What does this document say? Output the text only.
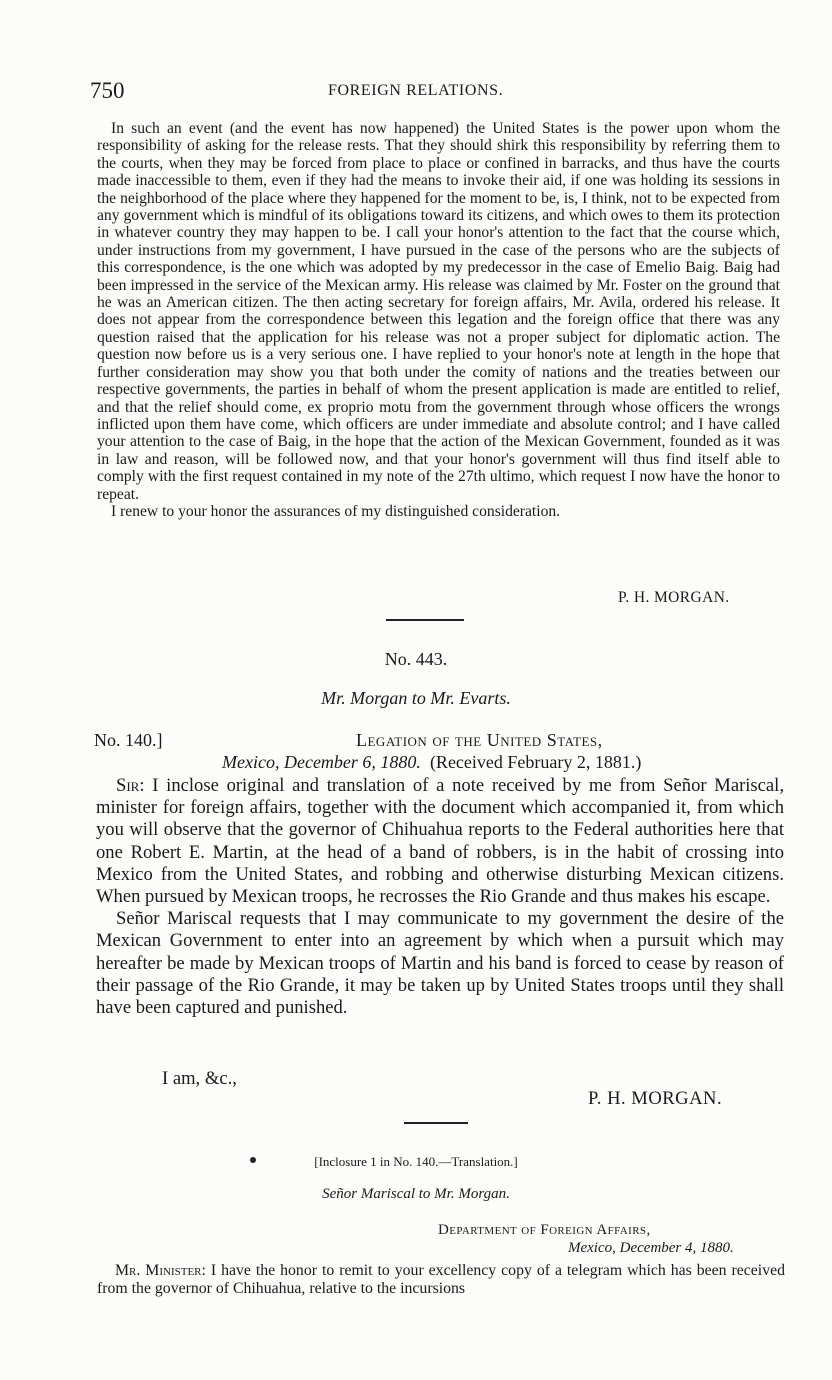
750	FOREIGN RELATIONS.

In such an event (and the event has now happened) the United States is the power upon whom the responsibility of asking for the release rests. That they should shirk this responsibility by referring them to the courts, when they may be forced from place to place or confined in barracks, and thus have the courts made inaccessible to them, even if they had the means to invoke their aid, if one was holding its sessions in the neighborhood of the place where they happened for the moment to be, is, I think, not to be expected from any government which is mindful of its obligations toward its citizens, and which owes to them its protection in whatever country they may happen to be. I call your honor's attention to the fact that the course which, under instructions from my government, I have pursued in the case of the persons who are the subjects of this correspondence, is the one which was adopted by my predecessor in the case of Emelio Baig. Baig had been impressed in the service of the Mexican army. His release was claimed by Mr. Foster on the ground that he was an American citizen. The then acting secretary for foreign affairs, Mr. Avila, ordered his release. It does not appear from the correspondence between this legation and the foreign office that there was any question raised that the application for his release was not a proper subject for diplomatic action. The question now before us is a very serious one. I have replied to your honor's note at length in the hope that further consideration may show you that both under the comity of nations and the treaties between our respective governments, the parties in behalf of whom the present application is made are entitled to relief, and that the relief should come, ex proprio motu from the government through whose officers the wrongs inflicted upon them have come, which officers are under immediate and absolute control; and I have called your attention to the case of Baig, in the hope that the action of the Mexican Government, founded as it was in law and reason, will be followed now, and that your honor's government will thus find itself able to comply with the first request contained in my note of the 27th ultimo, which request I now have the honor to repeat.

I renew to your honor the assurances of my distinguished consideration.

P. H. MORGAN.
No. 443.
Mr. Morgan to Mr. Evarts.
No. 140.]	Legation of the United States,
Mexico, December 6, 1880. (Received February 2, 1881.)

Sir: I inclose original and translation of a note received by me from Señor Mariscal, minister for foreign affairs, together with the document which accompanied it, from which you will observe that the governor of Chihuahua reports to the Federal authorities here that one Robert E. Martin, at the head of a band of robbers, is in the habit of crossing into Mexico from the United States, and robbing and otherwise disturbing Mexican citizens. When pursued by Mexican troops, he recrosses the Rio Grande and thus makes his escape.

Señor Mariscal requests that I may communicate to my government the desire of the Mexican Government to enter into an agreement by which when a pursuit which may hereafter be made by Mexican troops of Martin and his band is forced to cease by reason of their passage of the Rio Grande, it may be taken up by United States troops until they shall have been captured and punished.

I am, &c.,
P. H. MORGAN.
[Inclosure 1 in No. 140.—Translation.]
Señor Mariscal to Mr. Morgan.
Department of Foreign Affairs,
Mexico, December 4, 1880.

Mr. Minister: I have the honor to remit to your excellency copy of a telegram which has been received from the governor of Chihuahua, relative to the incursions
